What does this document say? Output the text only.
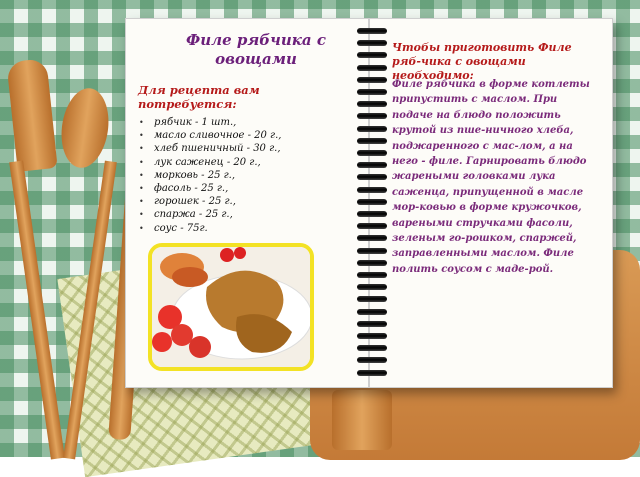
Филе рябчика с овощами
Для рецепта вам потребуется:
• рябчик - 1 шт.,
• масло сливочное - 20 г.,
• хлеб пшеничный - 30 г.,
• лук саженец - 20 г.,
• морковь - 25 г.,
• фасоль - 25 г.,
• горошек - 25 г.,
• спаржа - 25 г.,
• соус - 75г.
Чтобы приготовить Филе ряб-чика с овощами необходимо:
Филе рябчика в форме котлеты припустить с маслом. При подаче на блюдо положить крутой из пше-ничного хлеба, поджаренного с мас-лом, а на него - филе. Гарнировать блюдо жареными головками лука саженца, припущенной в масле мор-ковью в форме кружочков, вареными стручками фасоли, зеленым го-рошком, спаржей, заправленными маслом. Филе полить соусом с маде-рой.
